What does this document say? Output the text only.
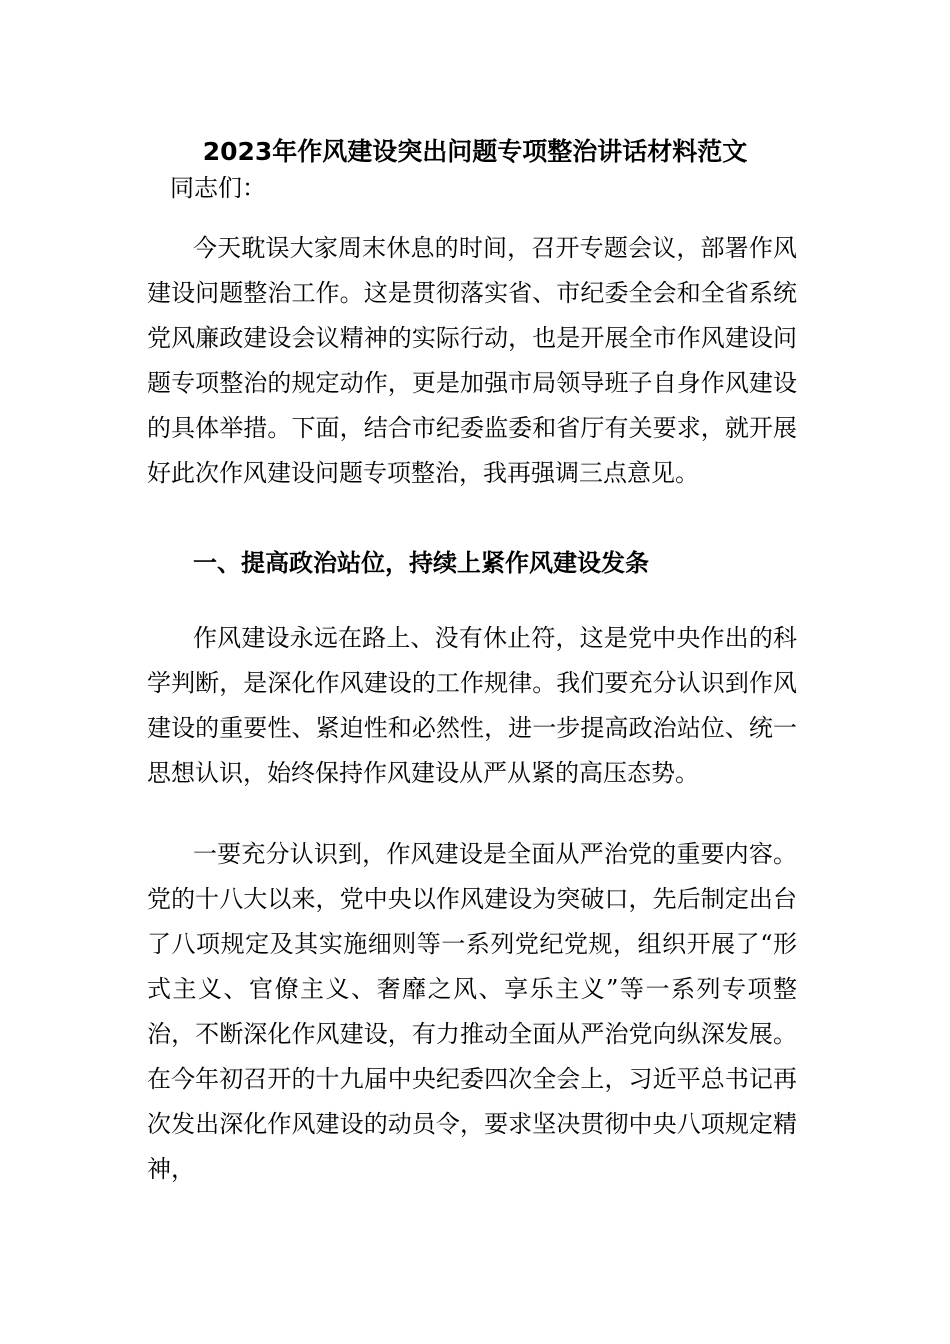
2023年作风建设突出问题专项整治讲话材料范文

同志们：

今天耽误大家周末休息的时间，召开专题会议，部署作风建设问题整治工作。这是贯彻落实省、市纪委全会和全省系统党风廉政建设会议精神的实际行动，也是开展全市作风建设问题专项整治的规定动作，更是加强市局领导班子自身作风建设的具体举措。下面，结合市纪委监委和省厅有关要求，就开展好此次作风建设问题专项整治，我再强调三点意见。

一、提高政治站位，持续上紧作风建设发条

作风建设永远在路上、没有休止符，这是党中央作出的科学判断，是深化作风建设的工作规律。我们要充分认识到作风建设的重要性、紧迫性和必然性，进一步提高政治站位、统一思想认识，始终保持作风建设从严从紧的高压态势。

一要充分认识到，作风建设是全面从严治党的重要内容。党的十八大以来，党中央以作风建设为突破口，先后制定出台了八项规定及其实施细则等一系列党纪党规，组织开展了“形式主义、官僚主义、奢靡之风、享乐主义”等一系列专项整治，不断深化作风建设，有力推动全面从严治党向纵深发展。在今年初召开的十九届中央纪委四次全会上，习近平总书记再次发出深化作风建设的动员令，要求坚决贯彻中央八项规定精神，
